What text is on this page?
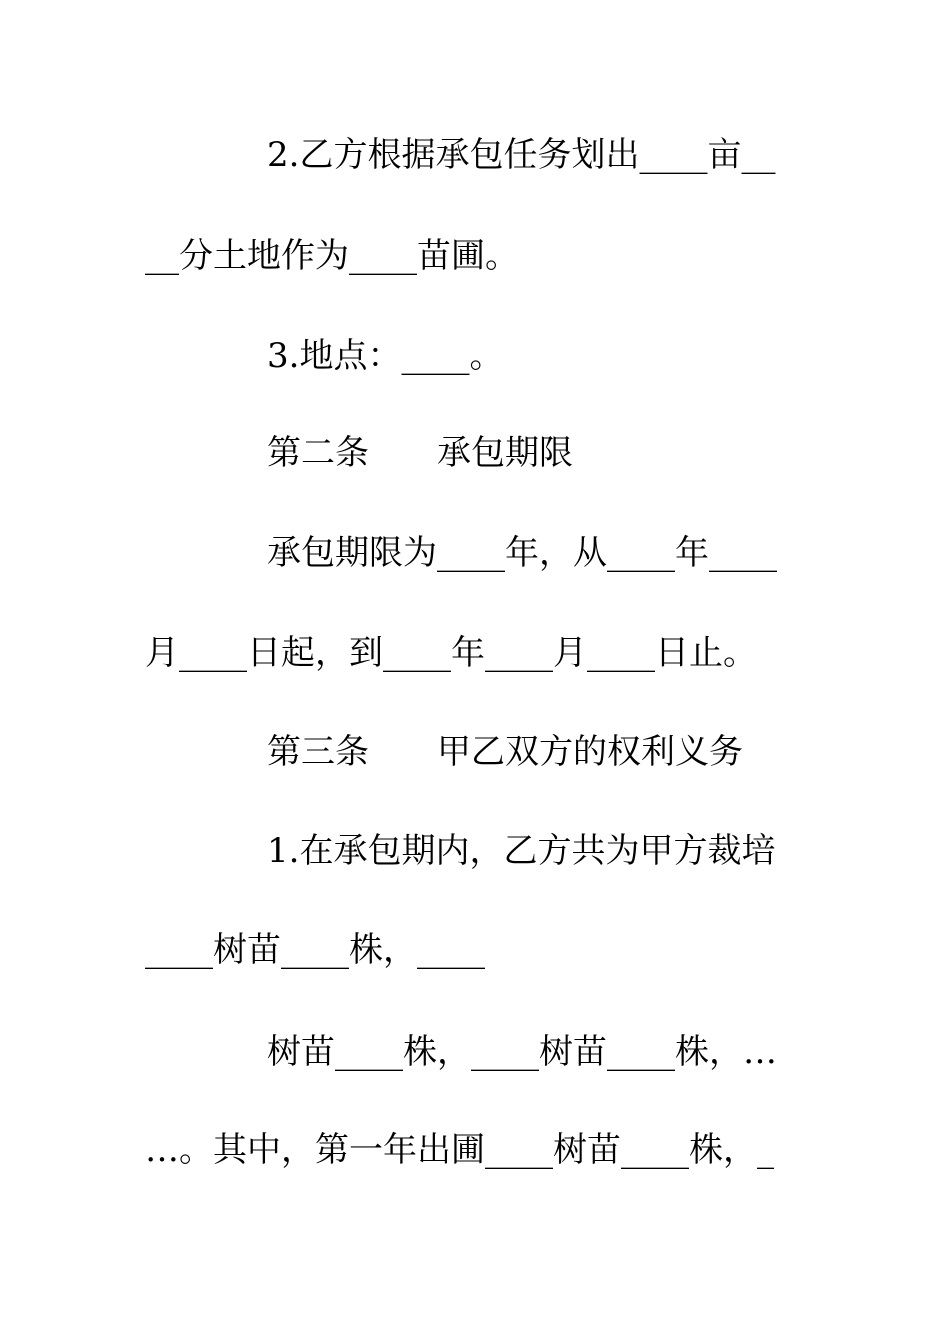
2.乙方根据承包任务划出____亩__
__分土地作为____苗圃。
3.地点：____。
第二条　　承包期限
承包期限为____年，从____年____
月____日起，到____年____月____日止。
第三条　　甲乙双方的权利义务
1.在承包期内，乙方共为甲方裁培
____树苗____株，____
树苗____株，____树苗____株，…
…。其中，第一年出圃____树苗____株，_
